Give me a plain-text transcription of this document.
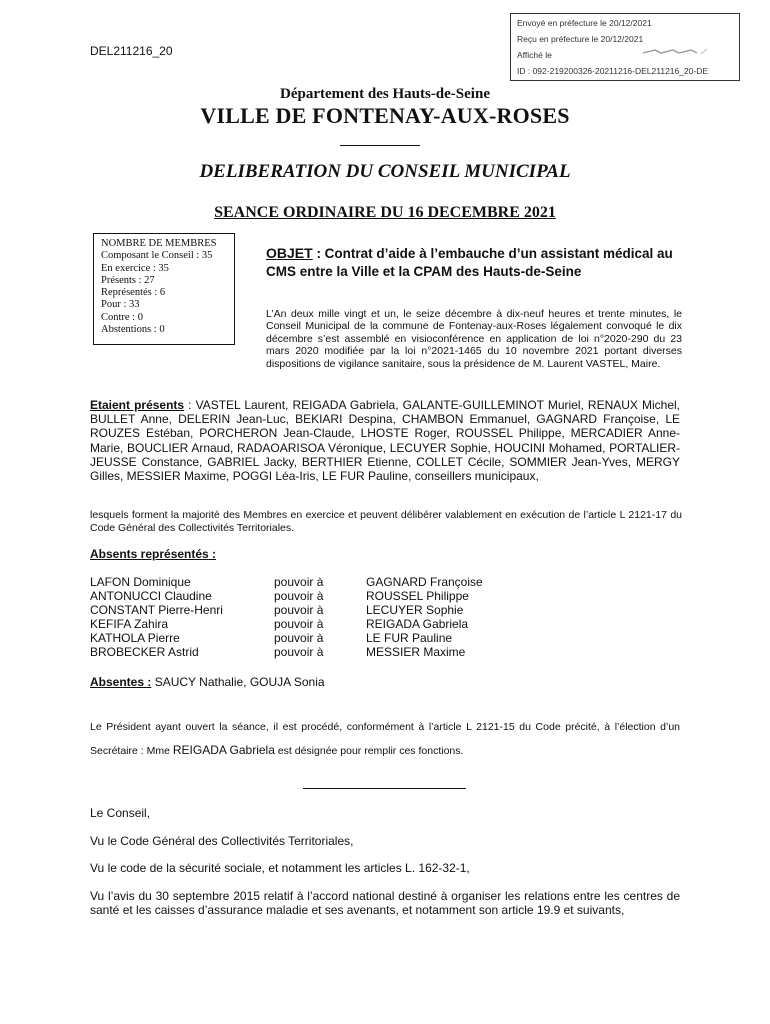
Envoyé en préfecture le 20/12/2021
Reçu en préfecture le 20/12/2021
Affiché le
ID : 092-219200326-20211216-DEL211216_20-DE
DEL211216_20
Département des Hauts-de-Seine
VILLE DE FONTENAY-AUX-ROSES
DELIBERATION DU CONSEIL MUNICIPAL
SEANCE ORDINAIRE DU 16 DECEMBRE 2021
NOMBRE DE MEMBRES
Composant le Conseil : 35
En exercice : 35
Présents : 27
Représentés : 6
Pour : 33
Contre : 0
Abstentions : 0
OBJET : Contrat d’aide à l’embauche d’un assistant médical au CMS entre la Ville et la CPAM des Hauts-de-Seine
L’An deux mille vingt et un, le seize décembre à dix-neuf heures et trente minutes, le Conseil Municipal de la commune de Fontenay-aux-Roses légalement convoqué le dix décembre s’est assemblé en visioconférence en application de loi n°2020-290 du 23 mars 2020 modifiée par la loi n°2021-1465 du 10 novembre 2021 portant diverses dispositions de vigilance sanitaire, sous la présidence de M. Laurent VASTEL, Maire.
Etaient présents : VASTEL Laurent, REIGADA Gabriela, GALANTE-GUILLEMINOT Muriel, RENAUX Michel, BULLET Anne, DELERIN Jean-Luc, BEKIARI Despina, CHAMBON Emmanuel, GAGNARD Françoise, LE ROUZES Estéban, PORCHERON Jean-Claude, LHOSTE Roger, ROUSSEL Philippe, MERCADIER Anne-Marie, BOUCLIER Arnaud, RADAOARISOA Véronique, LECUYER Sophie, HOUCINI Mohamed, PORTALIER-JEUSSE Constance, GABRIEL Jacky, BERTHIER Etienne, COLLET Cécile, SOMMIER Jean-Yves, MERGY Gilles, MESSIER Maxime, POGGI Léa-Iris, LE FUR Pauline, conseillers municipaux,
lesquels forment la majorité des Membres en exercice et peuvent délibérer valablement en exécution de l’article L 2121-17 du Code Général des Collectivités Territoriales.
Absents représentés :
LAFON Dominique	pouvoir à	GAGNARD Françoise
ANTONUCCI Claudine	pouvoir à	ROUSSEL Philippe
CONSTANT Pierre-Henri	pouvoir à	LECUYER Sophie
KEFIFA Zahira	pouvoir à	REIGADA Gabriela
KATHOLA Pierre	pouvoir à	LE FUR Pauline
BROBECKER Astrid	pouvoir à	MESSIER Maxime
Absentes : SAUCY Nathalie, GOUJA Sonia
Le Président ayant ouvert la séance, il est procédé, conformément à l’article L 2121-15 du Code précité, à l’élection d’un Secrétaire : Mme REIGADA Gabriela est désignée pour remplir ces fonctions.
Le Conseil,
Vu le Code Général des Collectivités Territoriales,
Vu le code de la sécurité sociale, et notamment les articles L. 162-32-1,
Vu l’avis du 30 septembre 2015 relatif à l’accord national destiné à organiser les relations entre les centres de santé et les caisses d’assurance maladie et ses avenants, et notamment son article 19.9 et suivants,
